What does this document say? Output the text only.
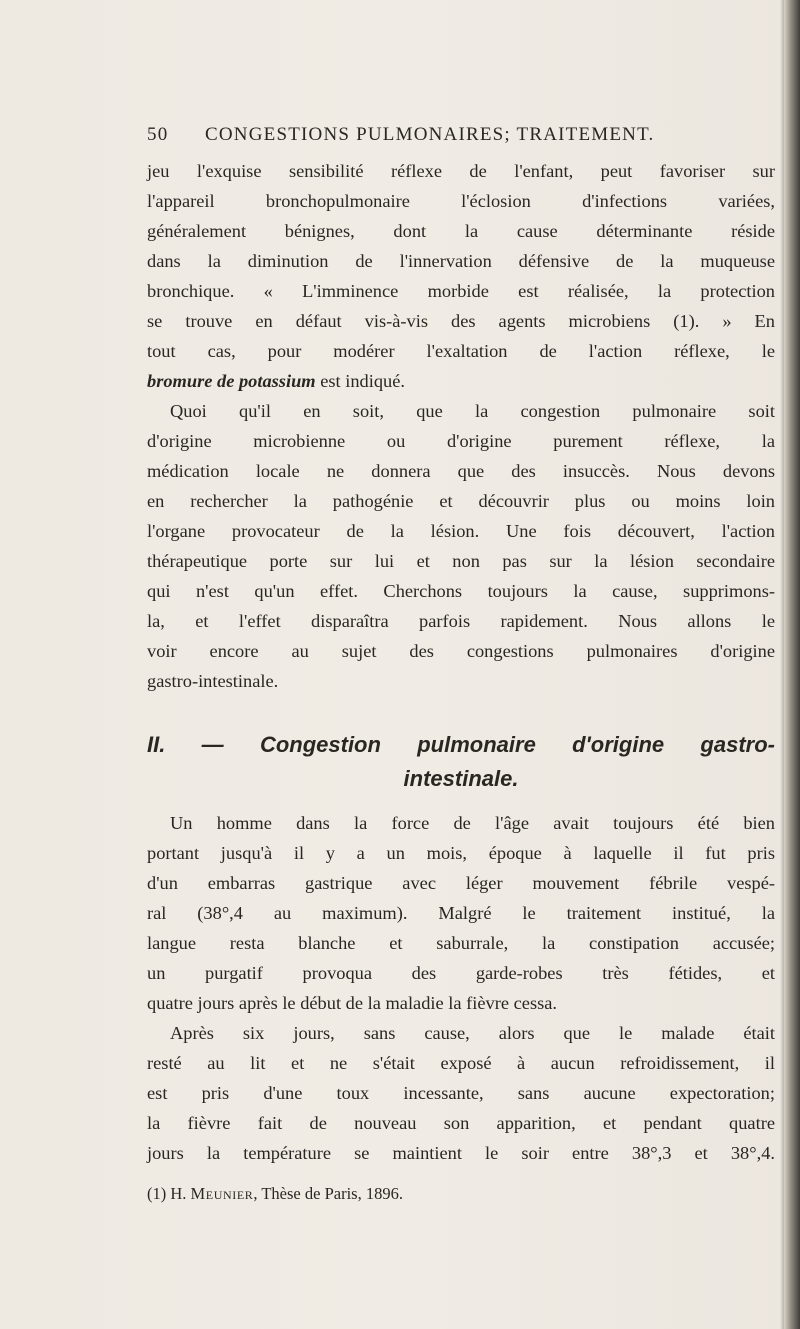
50 CONGESTIONS PULMONAIRES; TRAITEMENT.
jeu l'exquise sensibilité réflexe de l'enfant, peut favoriser sur
l'appareil bronchopulmonaire l'éclosion d'infections variées,
généralement bénignes, dont la cause déterminante réside
dans la diminution de l'innervation défensive de la muqueuse
bronchique. « L'imminence morbide est réalisée, la protection
se trouve en défaut vis-à-vis des agents microbiens (1). » En
tout cas, pour modérer l'exaltation de l'action réflexe, le
bromure de potassium est indiqué.
Quoi qu'il en soit, que la congestion pulmonaire soit
d'origine microbienne ou d'origine purement réflexe, la
médication locale ne donnera que des insuccès. Nous devons
en rechercher la pathogénie et découvrir plus ou moins loin
l'organe provocateur de la lésion. Une fois découvert, l'action
thérapeutique porte sur lui et non pas sur la lésion secondaire
qui n'est qu'un effet. Cherchons toujours la cause, supprimons-
la, et l'effet disparaîtra parfois rapidement. Nous allons le
voir encore au sujet des congestions pulmonaires d'origine
gastro-intestinale.
II. — Congestion pulmonaire d'origine gastro-
intestinale.
Un homme dans la force de l'âge avait toujours été bien
portant jusqu'à il y a un mois, époque à laquelle il fut pris
d'un embarras gastrique avec léger mouvement fébrile vespé-
ral (38°,4 au maximum). Malgré le traitement institué, la
langue resta blanche et saburrale, la constipation accusée;
un purgatif provoqua des garde-robes très fétides, et
quatre jours après le début de la maladie la fièvre cessa.
Après six jours, sans cause, alors que le malade était
resté au lit et ne s'était exposé à aucun refroidissement, il
est pris d'une toux incessante, sans aucune expectoration;
la fièvre fait de nouveau son apparition, et pendant quatre
jours la température se maintient le soir entre 38°,3 et 38°,4.
(1) H. Meunier, Thèse de Paris, 1896.
